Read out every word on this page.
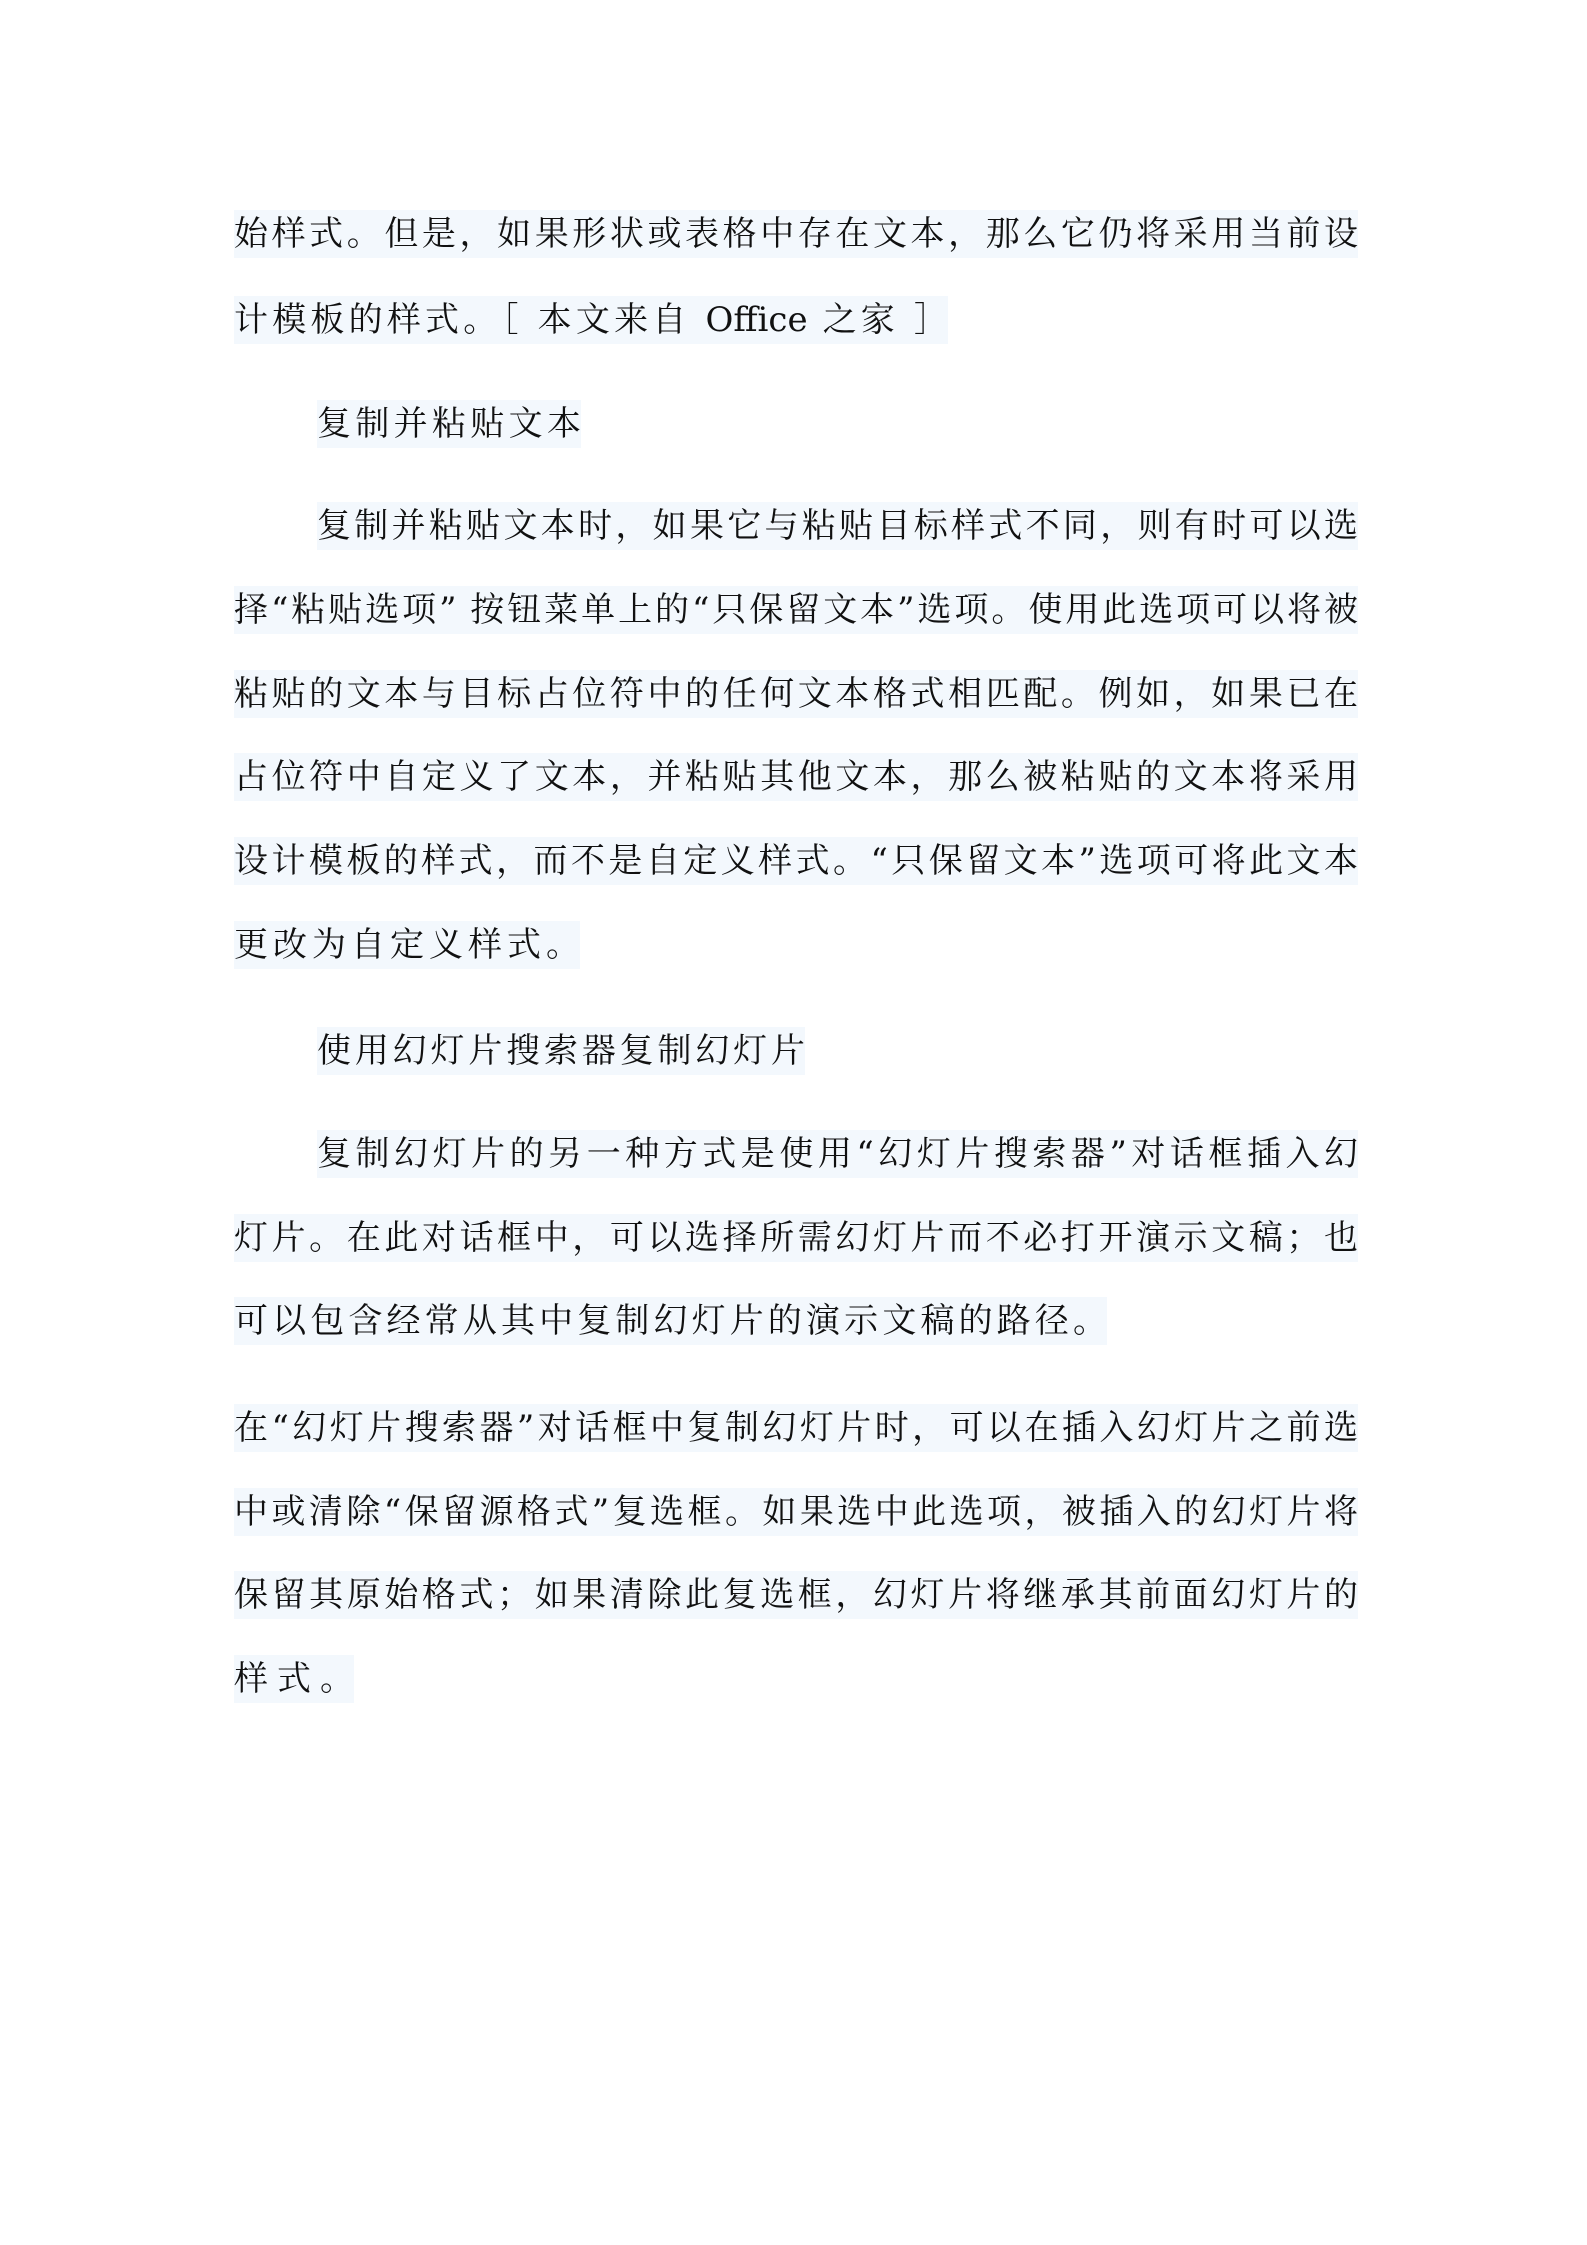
始样式。但是，如果形状或表格中存在文本，那么它仍将采用当前设
计模板的样式。［ 本文来自 Office 之家 ］
复制并粘贴文本
复制并粘贴文本时，如果它与粘贴目标样式不同，则有时可以选
择“粘贴选项” 按钮菜单上的“只保留文本”选项。使用此选项可以将被
粘贴的文本与目标占位符中的任何文本格式相匹配。例如，如果已在
占位符中自定义了文本，并粘贴其他文本，那么被粘贴的文本将采用
设计模板的样式，而不是自定义样式。“只保留文本”选项可将此文本
更改为自定义样式。
使用幻灯片搜索器复制幻灯片
复制幻灯片的另一种方式是使用“幻灯片搜索器”对话框插入幻
灯片。在此对话框中，可以选择所需幻灯片而不必打开演示文稿；也
可以包含经常从其中复制幻灯片的演示文稿的路径。
在“幻灯片搜索器”对话框中复制幻灯片时，可以在插入幻灯片之前选
中或清除“保留源格式”复选框。如果选中此选项，被插入的幻灯片将
保留其原始格式；如果清除此复选框，幻灯片将继承其前面幻灯片的
样式。
